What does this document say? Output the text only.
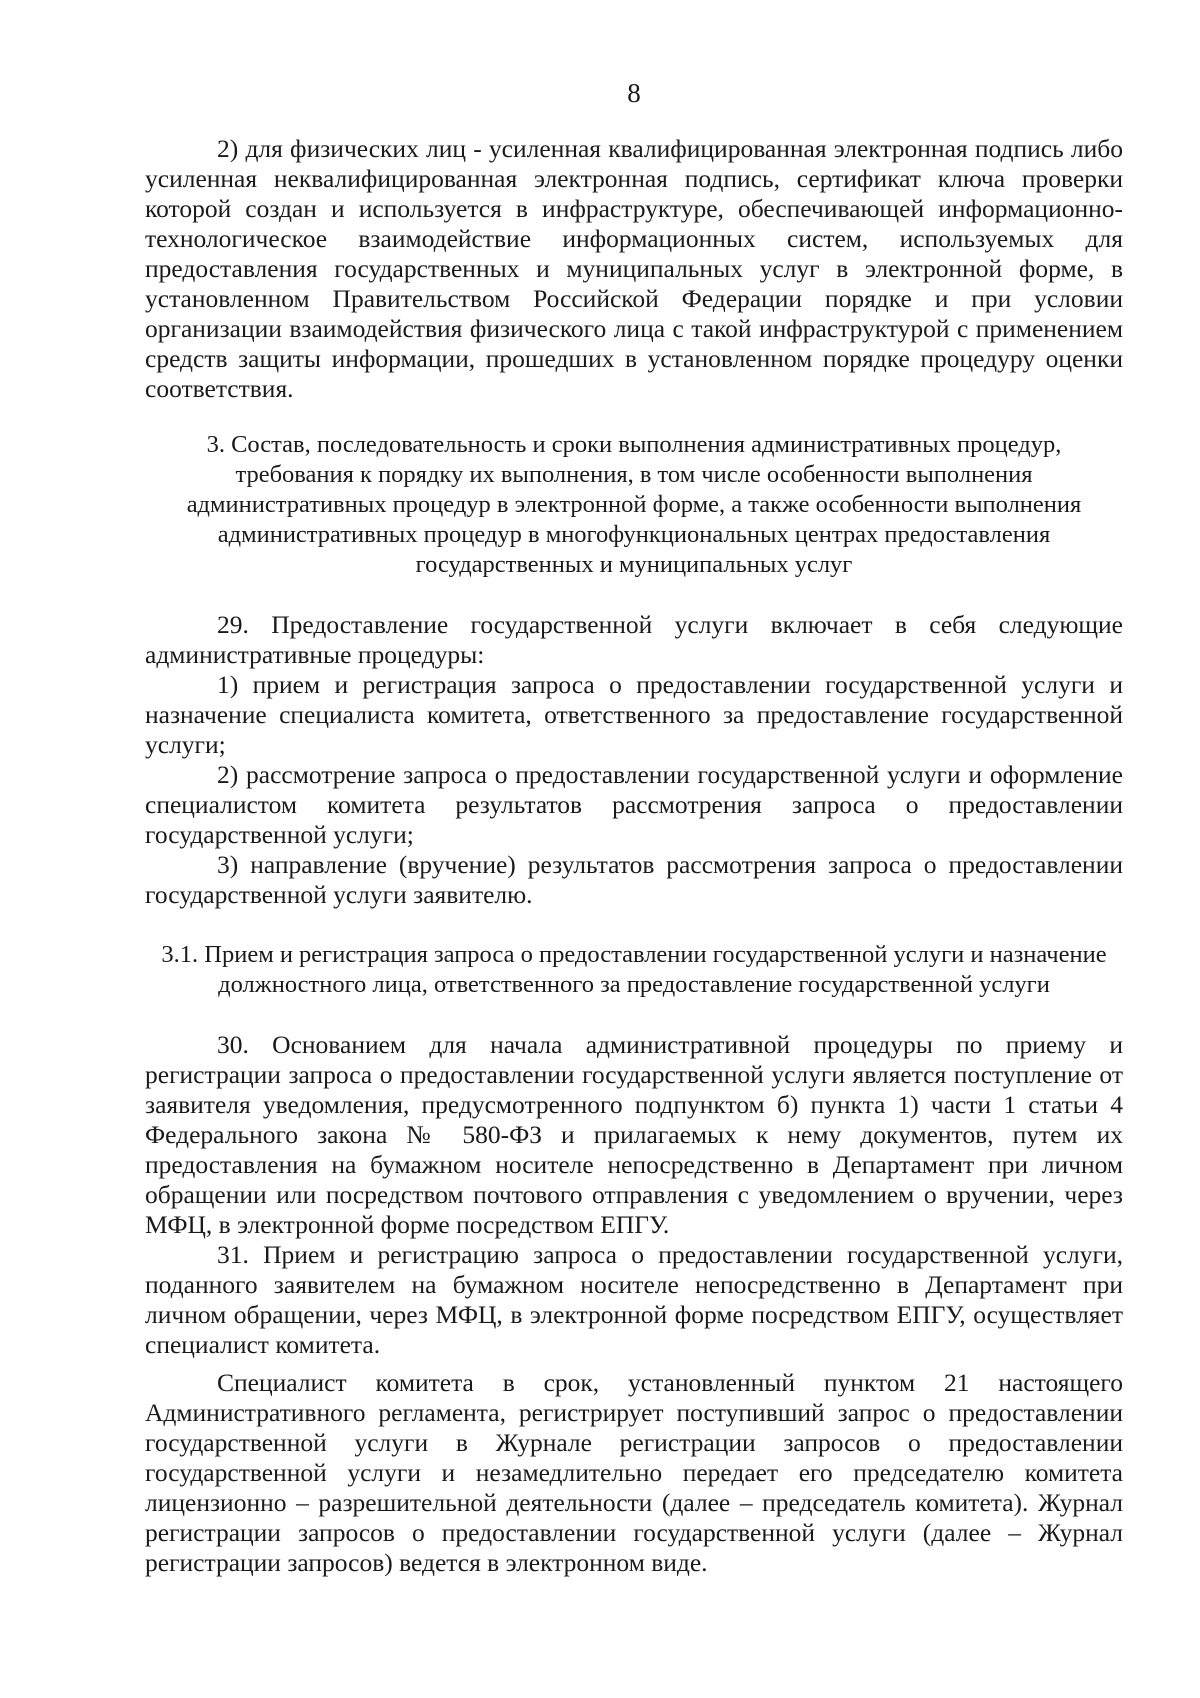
8

2) для физических лиц - усиленная квалифицированная электронная подпись либо усиленная неквалифицированная электронная подпись, сертификат ключа проверки которой создан и используется в инфраструктуре, обеспечивающей информационно-технологическое взаимодействие информационных систем, используемых для предоставления государственных и муниципальных услуг в электронной форме, в установленном Правительством Российской Федерации порядке и при условии организации взаимодействия физического лица с такой инфраструктурой с применением средств защиты информации, прошедших в установленном порядке процедуру оценки соответствия.

3. Состав, последовательность и сроки выполнения административных процедур, требования к порядку их выполнения, в том числе особенности выполнения административных процедур в электронной форме, а также особенности выполнения административных процедур в многофункциональных центрах предоставления государственных и муниципальных услуг

29. Предоставление государственной услуги включает в себя следующие административные процедуры:

1) прием и регистрация запроса о предоставлении государственной услуги и назначение специалиста комитета, ответственного за предоставление государственной услуги;

2) рассмотрение запроса о предоставлении государственной услуги и оформление специалистом комитета результатов рассмотрения запроса о предоставлении государственной услуги;

3) направление (вручение) результатов рассмотрения запроса о предоставлении государственной услуги заявителю.

3.1. Прием и регистрация запроса о предоставлении государственной услуги и назначение должностного лица, ответственного за предоставление государственной услуги

30. Основанием для начала административной процедуры по приему и регистрации запроса о предоставлении государственной услуги является поступление от заявителя уведомления, предусмотренного подпунктом б) пункта 1) части 1 статьи 4 Федерального закона № 580-ФЗ и прилагаемых к нему документов, путем их предоставления на бумажном носителе непосредственно в Департамент при личном обращении или посредством почтового отправления с уведомлением о вручении, через МФЦ, в электронной форме посредством ЕПГУ.

31. Прием и регистрацию запроса о предоставлении государственной услуги, поданного заявителем на бумажном носителе непосредственно в Департамент при личном обращении, через МФЦ, в электронной форме посредством ЕПГУ, осуществляет специалист комитета.

Специалист комитета в срок, установленный пунктом 21 настоящего Административного регламента, регистрирует поступивший запрос о предоставлении государственной услуги в Журнале регистрации запросов о предоставлении государственной услуги и незамедлительно передает его председателю комитета лицензионно – разрешительной деятельности (далее – председатель комитета). Журнал регистрации запросов о предоставлении государственной услуги (далее – Журнал регистрации запросов) ведется в электронном виде.
